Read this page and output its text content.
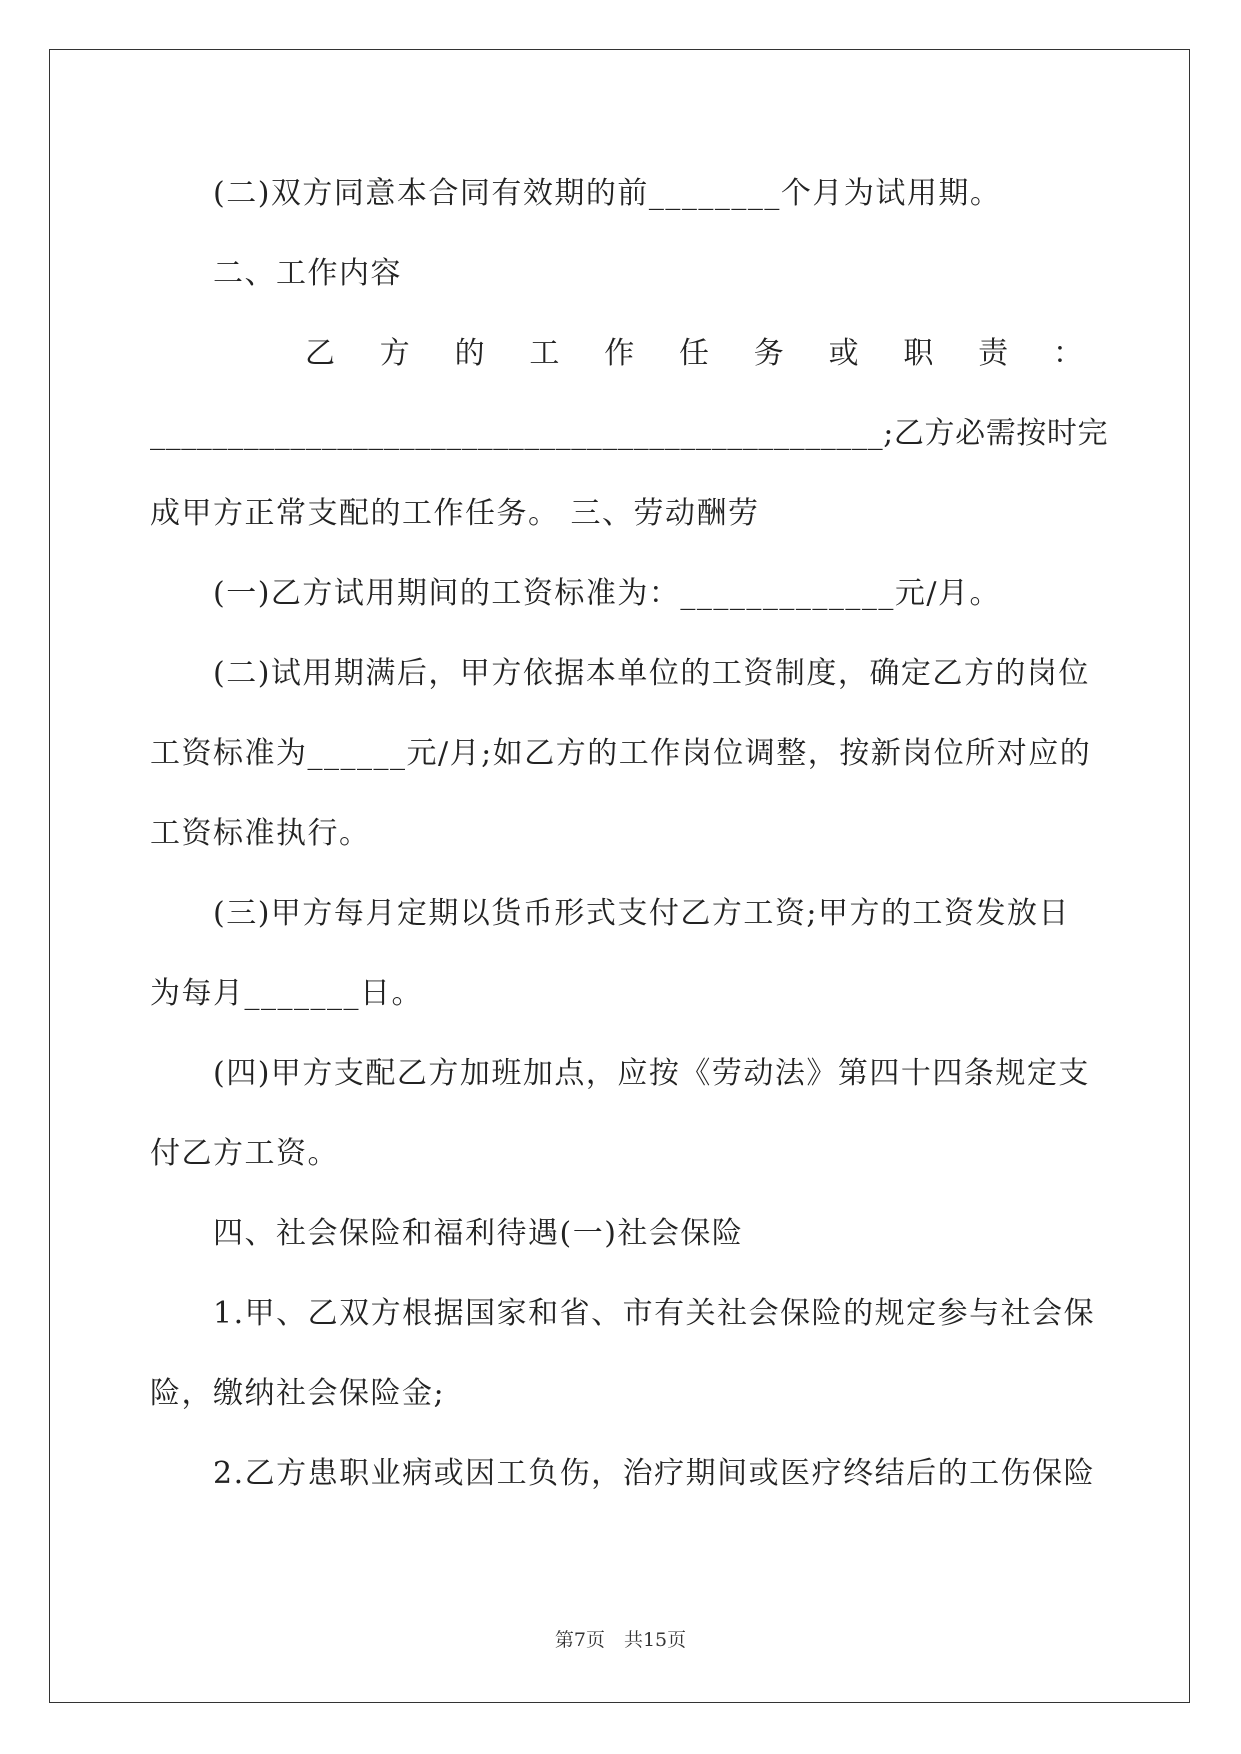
(二)双方同意本合同有效期的前________个月为试用期。
二、工作内容
乙 方 的 工 作 任 务 或 职 责 ：
_______________________________________________;乙方必需按时完
成甲方正常支配的工作任务。 三、劳动酬劳
(一)乙方试用期间的工资标准为：_____________元/月。
(二)试用期满后，甲方依据本单位的工资制度，确定乙方的岗位
工资标准为______元/月;如乙方的工作岗位调整，按新岗位所对应的
工资标准执行。
(三)甲方每月定期以货币形式支付乙方工资;甲方的工资发放日
为每月_______日。
(四)甲方支配乙方加班加点，应按《劳动法》第四十四条规定支
付乙方工资。
四、社会保险和福利待遇(一)社会保险
1.甲、乙双方根据国家和省、市有关社会保险的规定参与社会保
险，缴纳社会保险金;
2.乙方患职业病或因工负伤，治疗期间或医疗终结后的工伤保险
第7页　共15页
